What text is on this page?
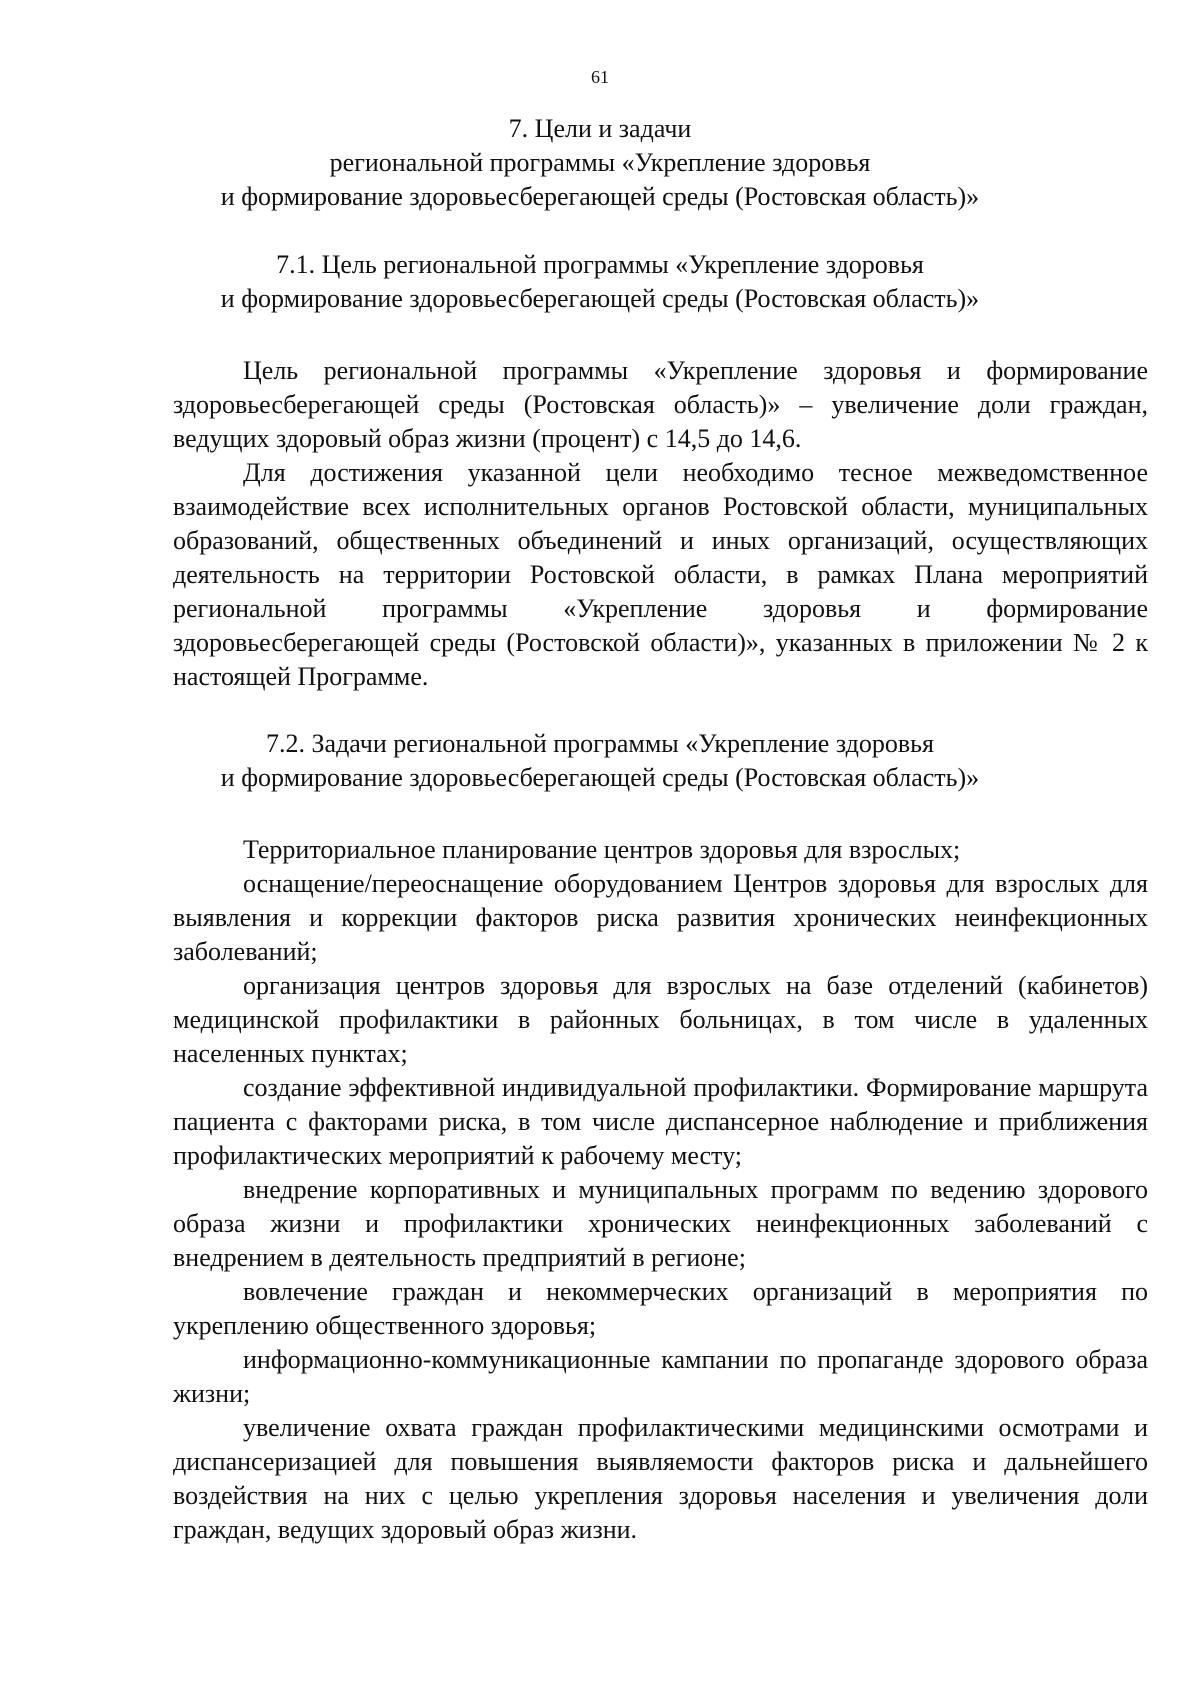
61
7. Цели и задачи
региональной программы «Укрепление здоровья
и формирование здоровьесберегающей среды (Ростовская область)»
7.1. Цель региональной программы «Укрепление здоровья
и формирование здоровьесберегающей среды (Ростовская область)»

Цель региональной программы «Укрепление здоровья и формирование здоровьесберегающей среды (Ростовская область)» – увеличение доли граждан, ведущих здоровый образ жизни (процент) с 14,5 до 14,6.

Для достижения указанной цели необходимо тесное межведомственное взаимодействие всех исполнительных органов Ростовской области, муниципальных образований, общественных объединений и иных организаций, осуществляющих деятельность на территории Ростовской области, в рамках Плана мероприятий региональной программы «Укрепление здоровья и формирование здоровьесберегающей среды (Ростовской области)», указанных в приложении № 2 к настоящей Программе.

7.2. Задачи региональной программы «Укрепление здоровья
и формирование здоровьесберегающей среды (Ростовская область)»

Территориальное планирование центров здоровья для взрослых;

оснащение/переоснащение оборудованием Центров здоровья для взрослых для выявления и коррекции факторов риска развития хронических неинфекционных заболеваний;

организация центров здоровья для взрослых на базе отделений (кабинетов) медицинской профилактики в районных больницах, в том числе в удаленных населенных пунктах;

создание эффективной индивидуальной профилактики. Формирование маршрута пациента с факторами риска, в том числе диспансерное наблюдение и приближения профилактических мероприятий к рабочему месту;

внедрение корпоративных и муниципальных программ по ведению здорового образа жизни и профилактики хронических неинфекционных заболеваний с внедрением в деятельность предприятий в регионе;

вовлечение граждан и некоммерческих организаций в мероприятия по укреплению общественного здоровья;

информационно-коммуникационные кампании по пропаганде здорового образа жизни;

увеличение охвата граждан профилактическими медицинскими осмотрами и диспансеризацией для повышения выявляемости факторов риска и дальнейшего воздействия на них с целью укрепления здоровья населения и увеличения доли граждан, ведущих здоровый образ жизни.
